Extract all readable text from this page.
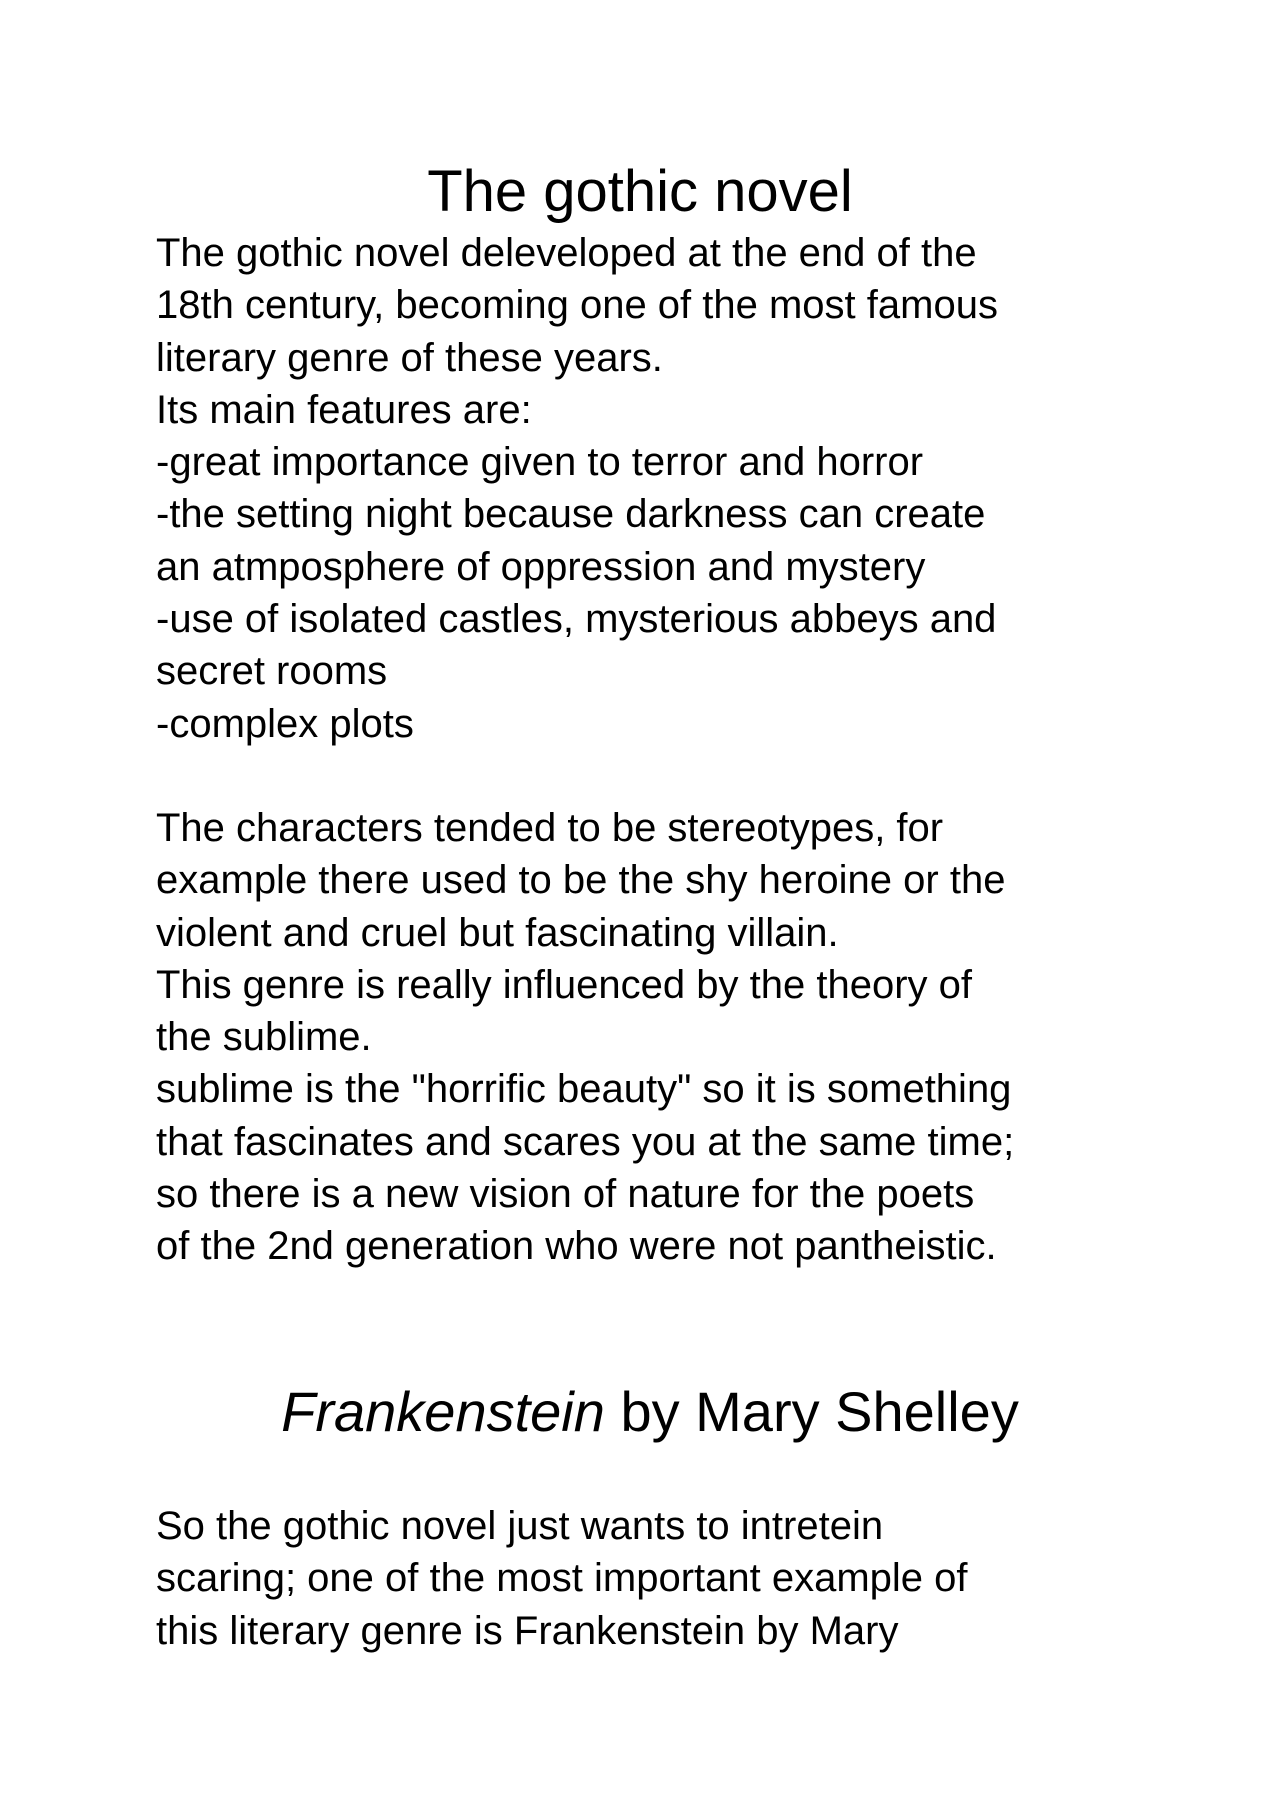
The gothic novel
The gothic novel deleveloped at the end of the
18th century, becoming one of the most famous
literary genre of these years.
Its main features are:
-great importance given to terror and horror
-the setting night because darkness can create
an atmposphere of oppression and mystery
-use of isolated castles, mysterious abbeys and
secret rooms
-complex plots
The characters tended to be stereotypes, for
example there used to be the shy heroine or the
violent and cruel but fascinating villain.
This genre is really influenced by the theory of
the sublime.
sublime is the "horrific beauty" so it is something
that fascinates and scares you at the same time;
so there is a new vision of nature for the poets
of the 2nd generation who were not pantheistic.
Frankenstein by Mary Shelley
So the gothic novel just wants to intretein
scaring; one of the most important example of
this literary genre is Frankenstein by Mary
